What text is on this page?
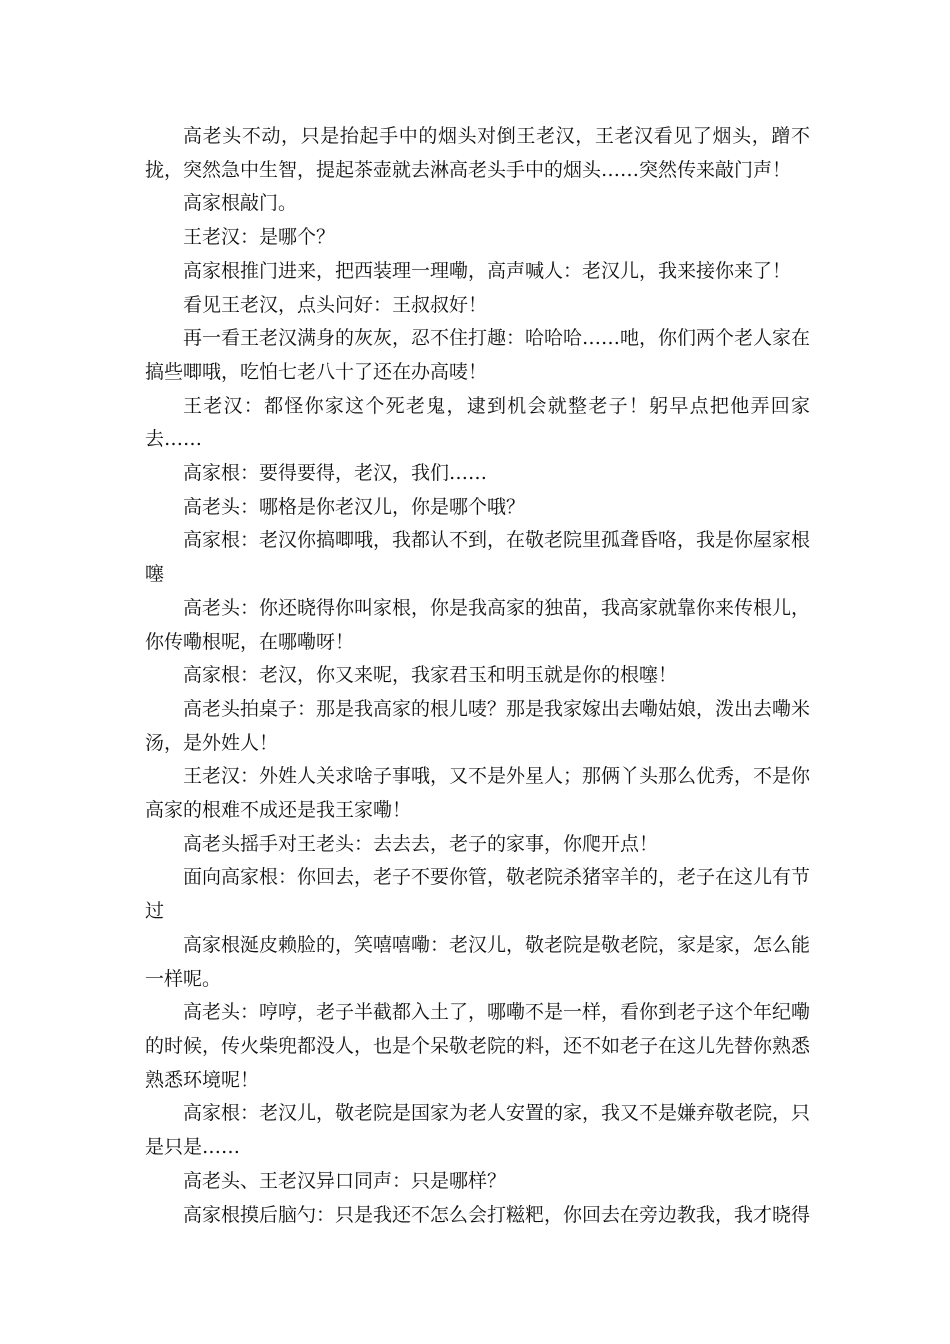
高老头不动，只是抬起手中的烟头对倒王老汉，王老汉看见了烟头，蹭不拢，突然急中生智，提起茶壶就去淋高老头手中的烟头……突然传来敲门声！

高家根敲门。

王老汉：是哪个？

高家根推门进来，把西装理一理嘞，高声喊人：老汉儿，我来接你来了！

看见王老汉，点头问好：王叔叔好！

再一看王老汉满身的灰灰，忍不住打趣：哈哈哈……吔，你们两个老人家在搞些唧哦，吃怕七老八十了还在办高唛！

王老汉：都怪你家这个死老鬼，逮到机会就整老子！躬早点把他弄回家去……

高家根：要得要得，老汉，我们……

高老头：哪格是你老汉儿，你是哪个哦？

高家根：老汉你搞唧哦，我都认不到，在敬老院里孤聋昏咯，我是你屋家根噻

高老头：你还晓得你叫家根，你是我高家的独苗，我高家就靠你来传根儿，你传嘞根呢，在哪嘞呀！

高家根：老汉，你又来呢，我家君玉和明玉就是你的根噻！

高老头拍桌子：那是我高家的根儿唛？那是我家嫁出去嘞姑娘，泼出去嘞米汤，是外姓人！

王老汉：外姓人关求啥子事哦，又不是外星人；那俩丫头那么优秀，不是你高家的根难不成还是我王家嘞！

高老头摇手对王老头：去去去，老子的家事，你爬开点！

面向高家根：你回去，老子不要你管，敬老院杀猪宰羊的，老子在这儿有节过

高家根涎皮赖脸的，笑嘻嘻嘞：老汉儿，敬老院是敬老院，家是家，怎么能一样呢。

高老头：哼哼，老子半截都入土了，哪嘞不是一样，看你到老子这个年纪嘞的时候，传火柴兜都没人，也是个呆敬老院的料，还不如老子在这儿先替你熟悉熟悉环境呢！

高家根：老汉儿，敬老院是国家为老人安置的家，我又不是嫌弃敬老院，只是只是……

高老头、王老汉异口同声：只是哪样？

高家根摸后脑勺：只是我还不怎么会打糍粑，你回去在旁边教我，我才晓得
